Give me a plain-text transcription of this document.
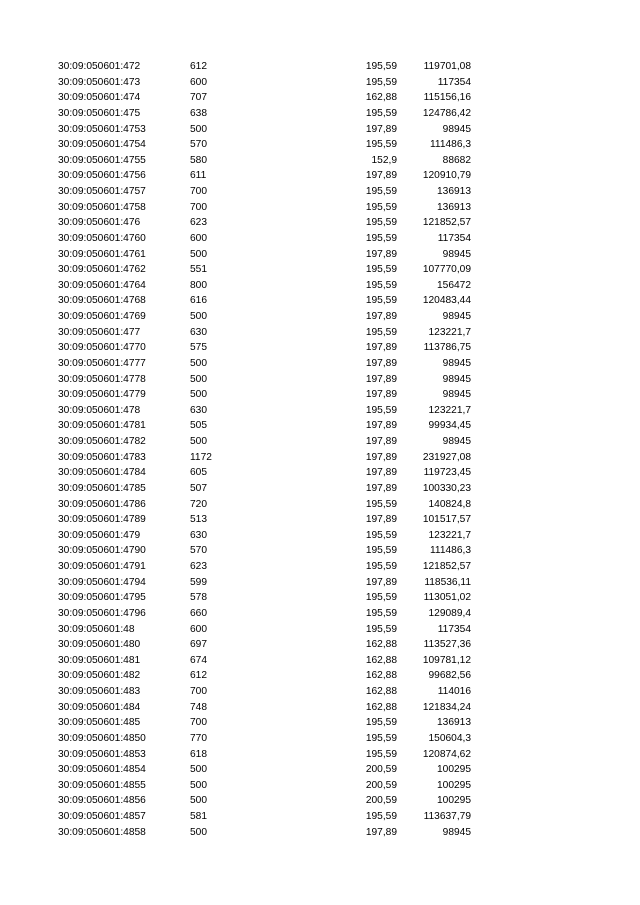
30:09:050601:472	612	195,59	119701,08
30:09:050601:473	600	195,59	117354
30:09:050601:474	707	162,88	115156,16
30:09:050601:475	638	195,59	124786,42
30:09:050601:4753	500	197,89	98945
30:09:050601:4754	570	195,59	111486,3
30:09:050601:4755	580	152,9	88682
30:09:050601:4756	611	197,89	120910,79
30:09:050601:4757	700	195,59	136913
30:09:050601:4758	700	195,59	136913
30:09:050601:476	623	195,59	121852,57
30:09:050601:4760	600	195,59	117354
30:09:050601:4761	500	197,89	98945
30:09:050601:4762	551	195,59	107770,09
30:09:050601:4764	800	195,59	156472
30:09:050601:4768	616	195,59	120483,44
30:09:050601:4769	500	197,89	98945
30:09:050601:477	630	195,59	123221,7
30:09:050601:4770	575	197,89	113786,75
30:09:050601:4777	500	197,89	98945
30:09:050601:4778	500	197,89	98945
30:09:050601:4779	500	197,89	98945
30:09:050601:478	630	195,59	123221,7
30:09:050601:4781	505	197,89	99934,45
30:09:050601:4782	500	197,89	98945
30:09:050601:4783	1172	197,89	231927,08
30:09:050601:4784	605	197,89	119723,45
30:09:050601:4785	507	197,89	100330,23
30:09:050601:4786	720	195,59	140824,8
30:09:050601:4789	513	197,89	101517,57
30:09:050601:479	630	195,59	123221,7
30:09:050601:4790	570	195,59	111486,3
30:09:050601:4791	623	195,59	121852,57
30:09:050601:4794	599	197,89	118536,11
30:09:050601:4795	578	195,59	113051,02
30:09:050601:4796	660	195,59	129089,4
30:09:050601:48	600	195,59	117354
30:09:050601:480	697	162,88	113527,36
30:09:050601:481	674	162,88	109781,12
30:09:050601:482	612	162,88	99682,56
30:09:050601:483	700	162,88	114016
30:09:050601:484	748	162,88	121834,24
30:09:050601:485	700	195,59	136913
30:09:050601:4850	770	195,59	150604,3
30:09:050601:4853	618	195,59	120874,62
30:09:050601:4854	500	200,59	100295
30:09:050601:4855	500	200,59	100295
30:09:050601:4856	500	200,59	100295
30:09:050601:4857	581	195,59	113637,79
30:09:050601:4858	500	197,89	98945
